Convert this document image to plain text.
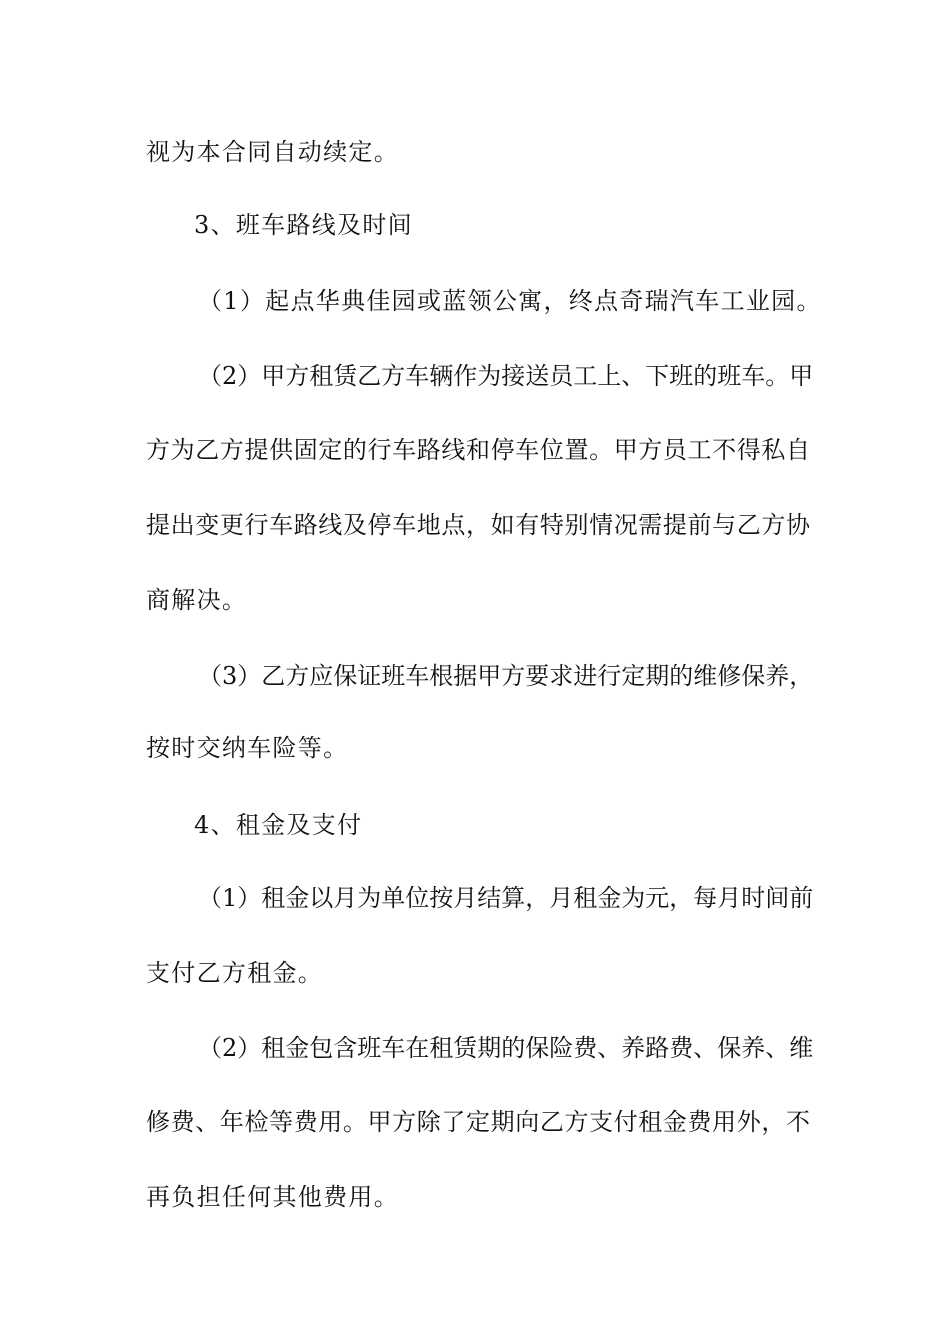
视为本合同自动续定。

3、班车路线及时间

（1）起点华典佳园或蓝领公寓，终点奇瑞汽车工业园。

（2）甲方租赁乙方车辆作为接送员工上、下班的班车。甲

方为乙方提供固定的行车路线和停车位置。甲方员工不得私自

提出变更行车路线及停车地点，如有特别情况需提前与乙方协

商解决。

（3）乙方应保证班车根据甲方要求进行定期的维修保养，

按时交纳车险等。

4、租金及支付

（1）租金以月为单位按月结算，月租金为元，每月时间前

支付乙方租金。

（2）租金包含班车在租赁期的保险费、养路费、保养、维

修费、年检等费用。甲方除了定期向乙方支付租金费用外，不

再负担任何其他费用。
